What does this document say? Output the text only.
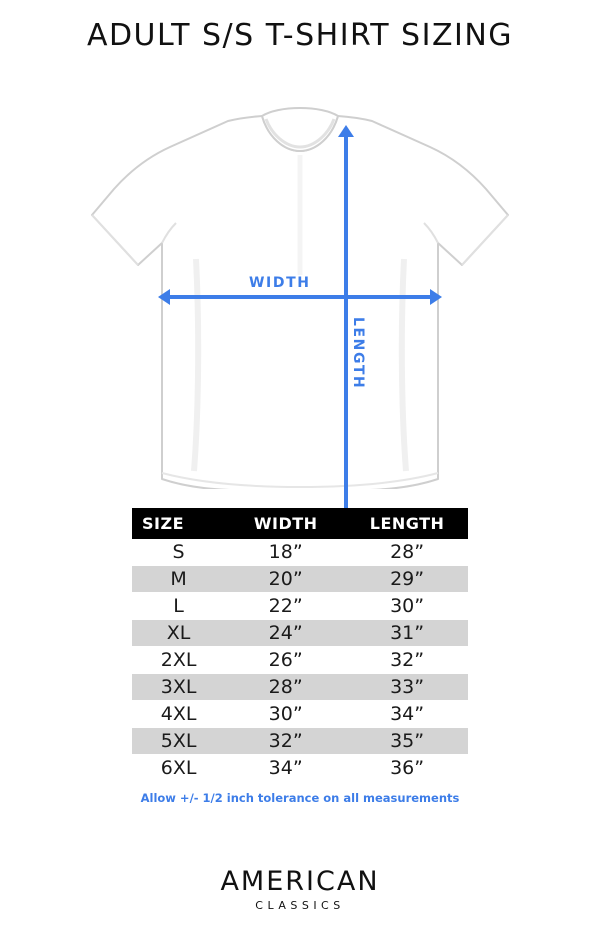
ADULT S/S T-SHIRT SIZING
WIDTH
LENGTH
SIZE	WIDTH	LENGTH
S	18”	28”
M	20”	29”
L	22”	30”
XL	24”	31”
2XL	26”	32”
3XL	28”	33”
4XL	30”	34”
5XL	32”	35”
6XL	34”	36”
Allow +/- 1/2 inch tolerance on all measurements
AMERICAN
CLASSICS
